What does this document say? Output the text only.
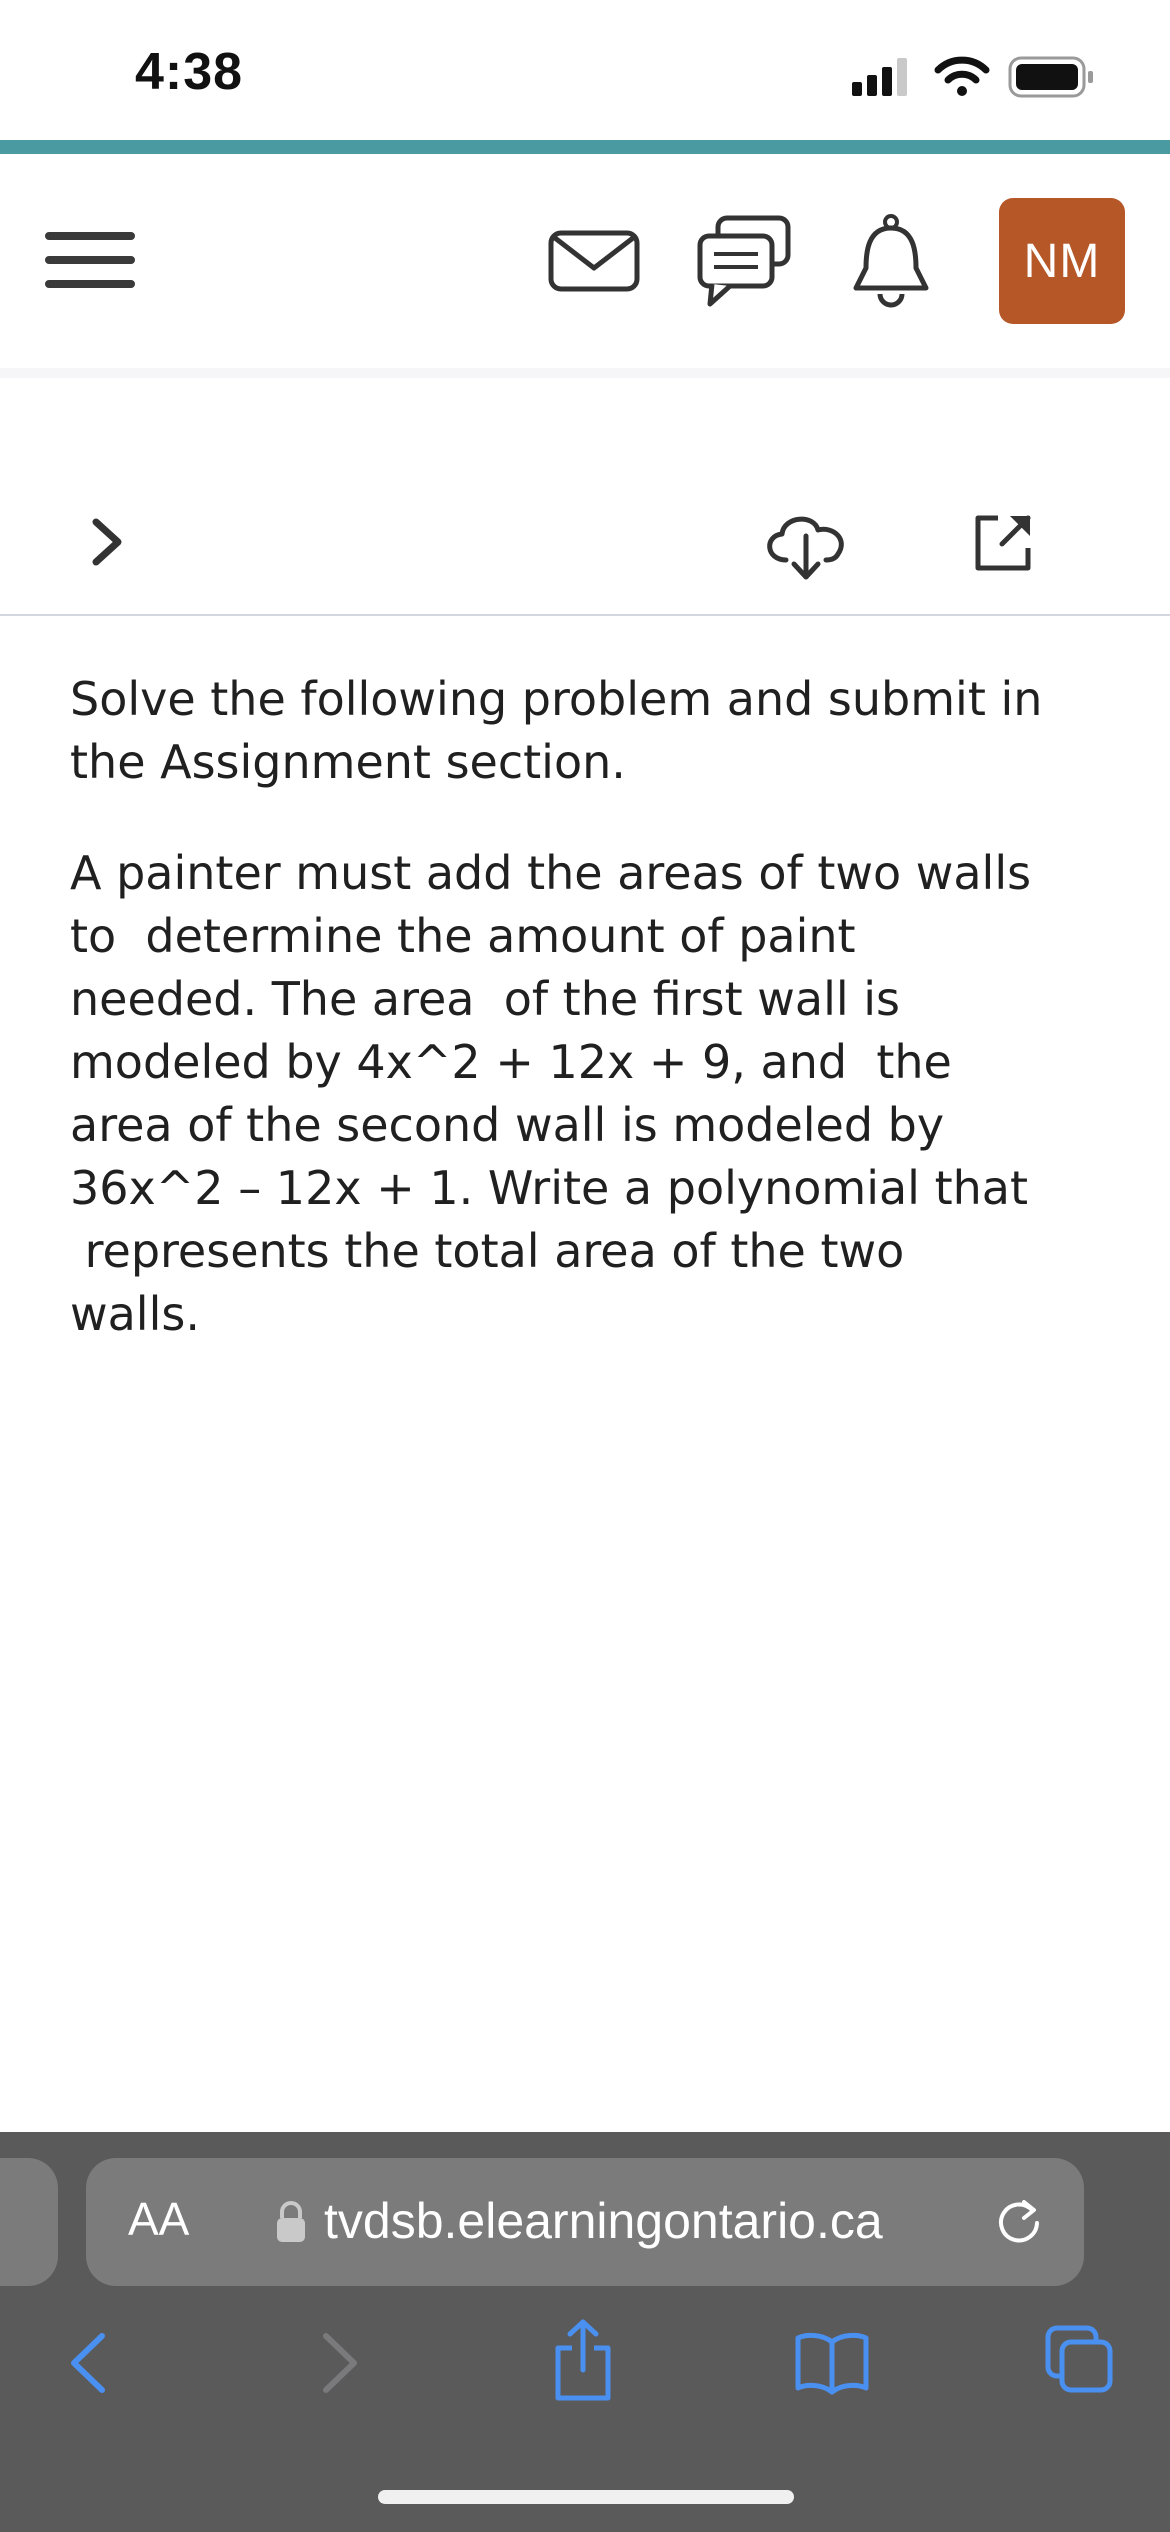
4:38
NM
Solve the following problem and submit in
the Assignment section.
A painter must add the areas of two walls
to  determine the amount of paint
needed. The area  of the first wall is
modeled by 4x^2 + 12x + 9, and  the
area of the second wall is modeled by
36x^2 – 12x + 1. Write a polynomial that
represents the total area of the two
walls.
AA	tvdsb.elearningontario.ca
